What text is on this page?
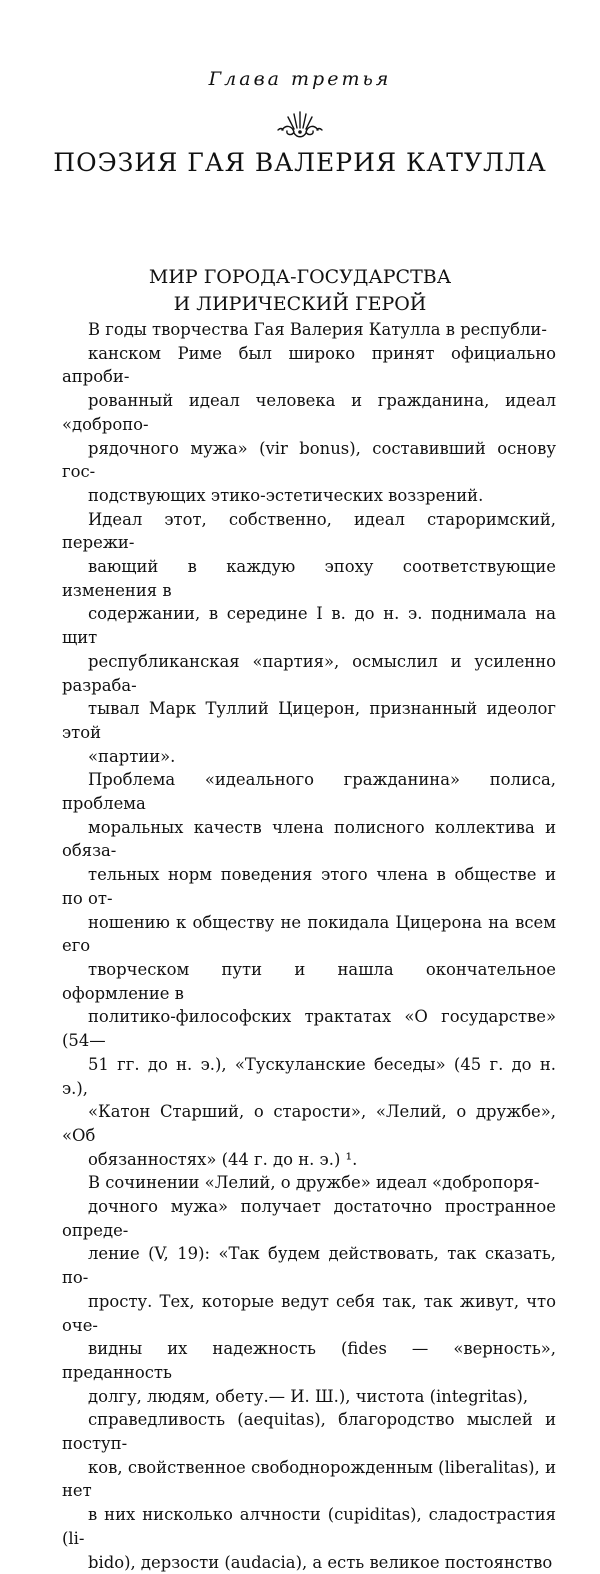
Глава третья
ПОЭЗИЯ ГАЯ ВАЛЕРИЯ КАТУЛЛА
МИР ГОРОДА-ГОСУДАРСТВА
И ЛИРИЧЕСКИЙ ГЕРОЙ

В годы творчества Гая Валерия Катулла в республи-
канском Риме был широко принят официально апроби-
рованный идеал человека и гражданина, идеал «добропо-
рядочного мужа» (vir bonus), составивший основу гос-
подствующих этико-эстетических воззрений.

Идеал этот, собственно, идеал староримский, пережи-
вающий в каждую эпоху соответствующие изменения в
содержании, в середине I в. до н. э. поднимала на щит
республиканская «партия», осмыслил и усиленно разраба-
тывал Марк Туллий Цицерон, признанный идеолог этой
«партии».

Проблема «идеального гражданина» полиса, проблема
моральных качеств члена полисного коллектива и обяза-
тельных норм поведения этого члена в обществе и по от-
ношению к обществу не покидала Цицерона на всем его
творческом пути и нашла окончательное оформление в
политико-философских трактатах «О государстве» (54—
51 гг. до н. э.), «Тускуланские беседы» (45 г. до н. э.),
«Катон Старший, о старости», «Лелий, о дружбе», «Об
обязанностях» (44 г. до н. э.) ¹.

В сочинении «Лелий, о дружбе» идеал «добропоря-
дочного мужа» получает достаточно пространное опреде-
ление (V, 19): «Так будем действовать, так сказать, по-
просту. Тех, которые ведут себя так, так живут, что оче-
видны их надежность (fides — «верность», преданность
долгу, людям, обету.— И. Ш.), чистота (integritas),
справедливость (aequitas), благородство мыслей и поступ-
ков, свойственное свободнорожденным (liberalitas), и нет
в них нисколько алчности (cupiditas), сладострастия (li-
bido), дерзости (audacia), а есть великое постоянство
